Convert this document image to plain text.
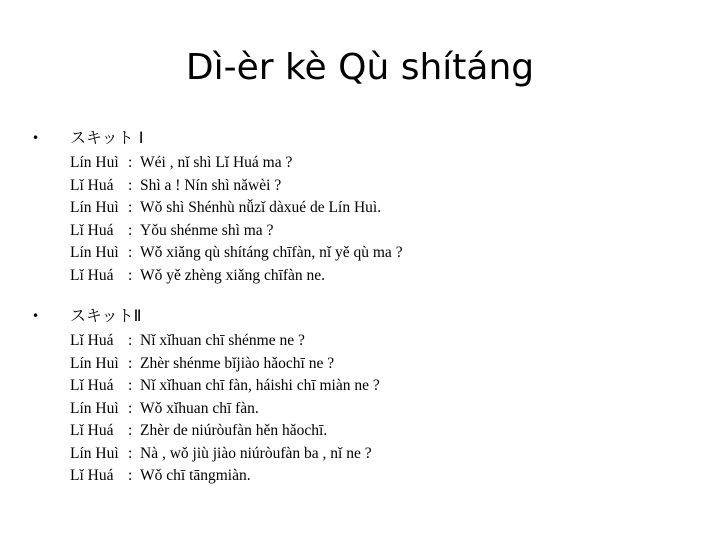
Dì-èr kè Qù shítáng
• スキット Ⅰ
Lín Huì : Wéi , nǐ shì Lǐ Huá ma ?
Lǐ Huá : Shì a ! Nín shì nǎwèi ?
Lín Huì : Wǒ shì Shénhù nǚzǐ dàxué de Lín Huì.
Lǐ Huá : Yǒu shénme shì ma ?
Lín Huì : Wǒ xiǎng qù shítáng chīfàn, nǐ yě qù ma ?
Lǐ Huá : Wǒ yě zhèng xiǎng chīfàn ne.
• スキットⅡ
Lǐ Huá : Nǐ xǐhuan chī shénme ne ?
Lín Huì : Zhèr shénme bǐjiào hǎochī ne ?
Lǐ Huá : Nǐ xǐhuan chī fàn, háishi chī miàn ne ?
Lín Huì : Wǒ xǐhuan chī fàn.
Lǐ Huá : Zhèr de niúròufàn hěn hǎochī.
Lín Huì : Nà , wǒ jiù jiào niúròufàn ba , nǐ ne ?
Lǐ Huá : Wǒ chī tāngmiàn.
